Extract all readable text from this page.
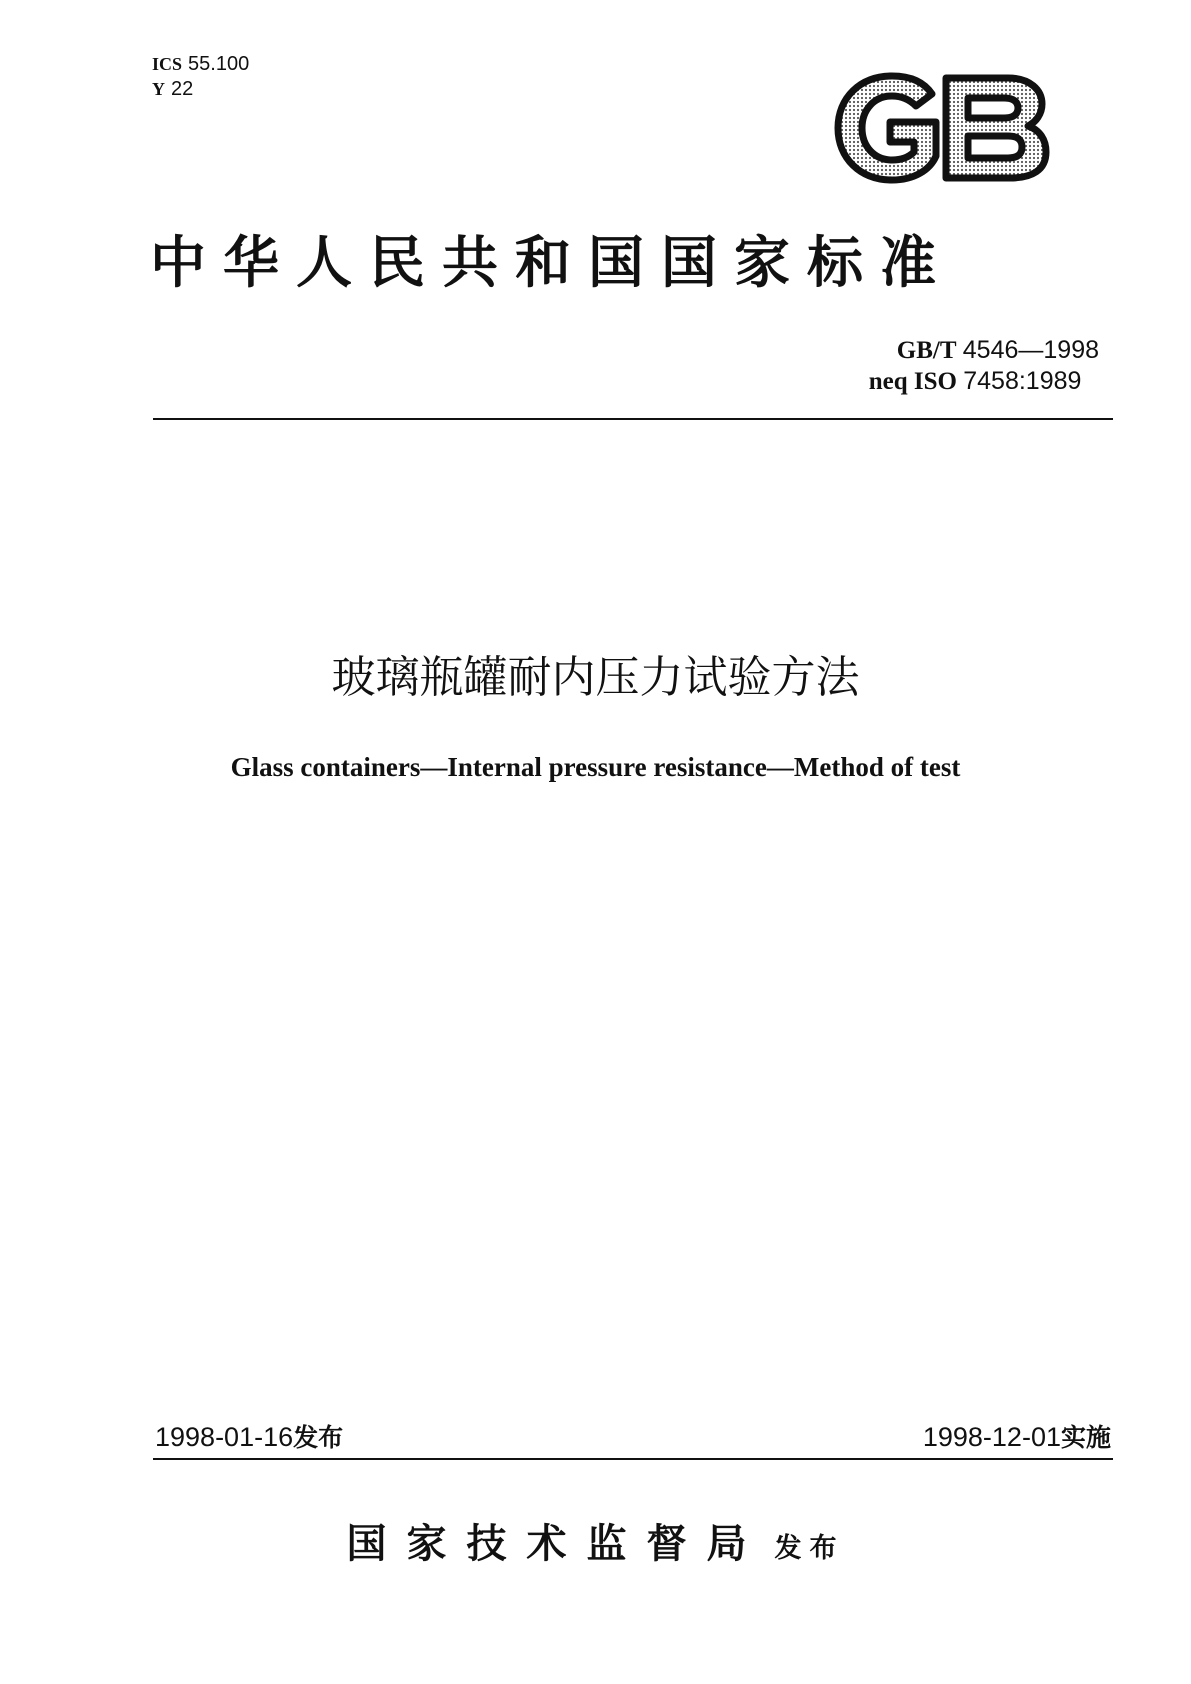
ICS 55.100
Y 22
中华人民共和国国家标准
GB/T 4546—1998
neq ISO 7458:1989
玻璃瓶罐耐内压力试验方法
Glass containers—Internal pressure resistance—Method of test
1998-01-16发布	1998-12-01实施
国家技术监督局 发布
